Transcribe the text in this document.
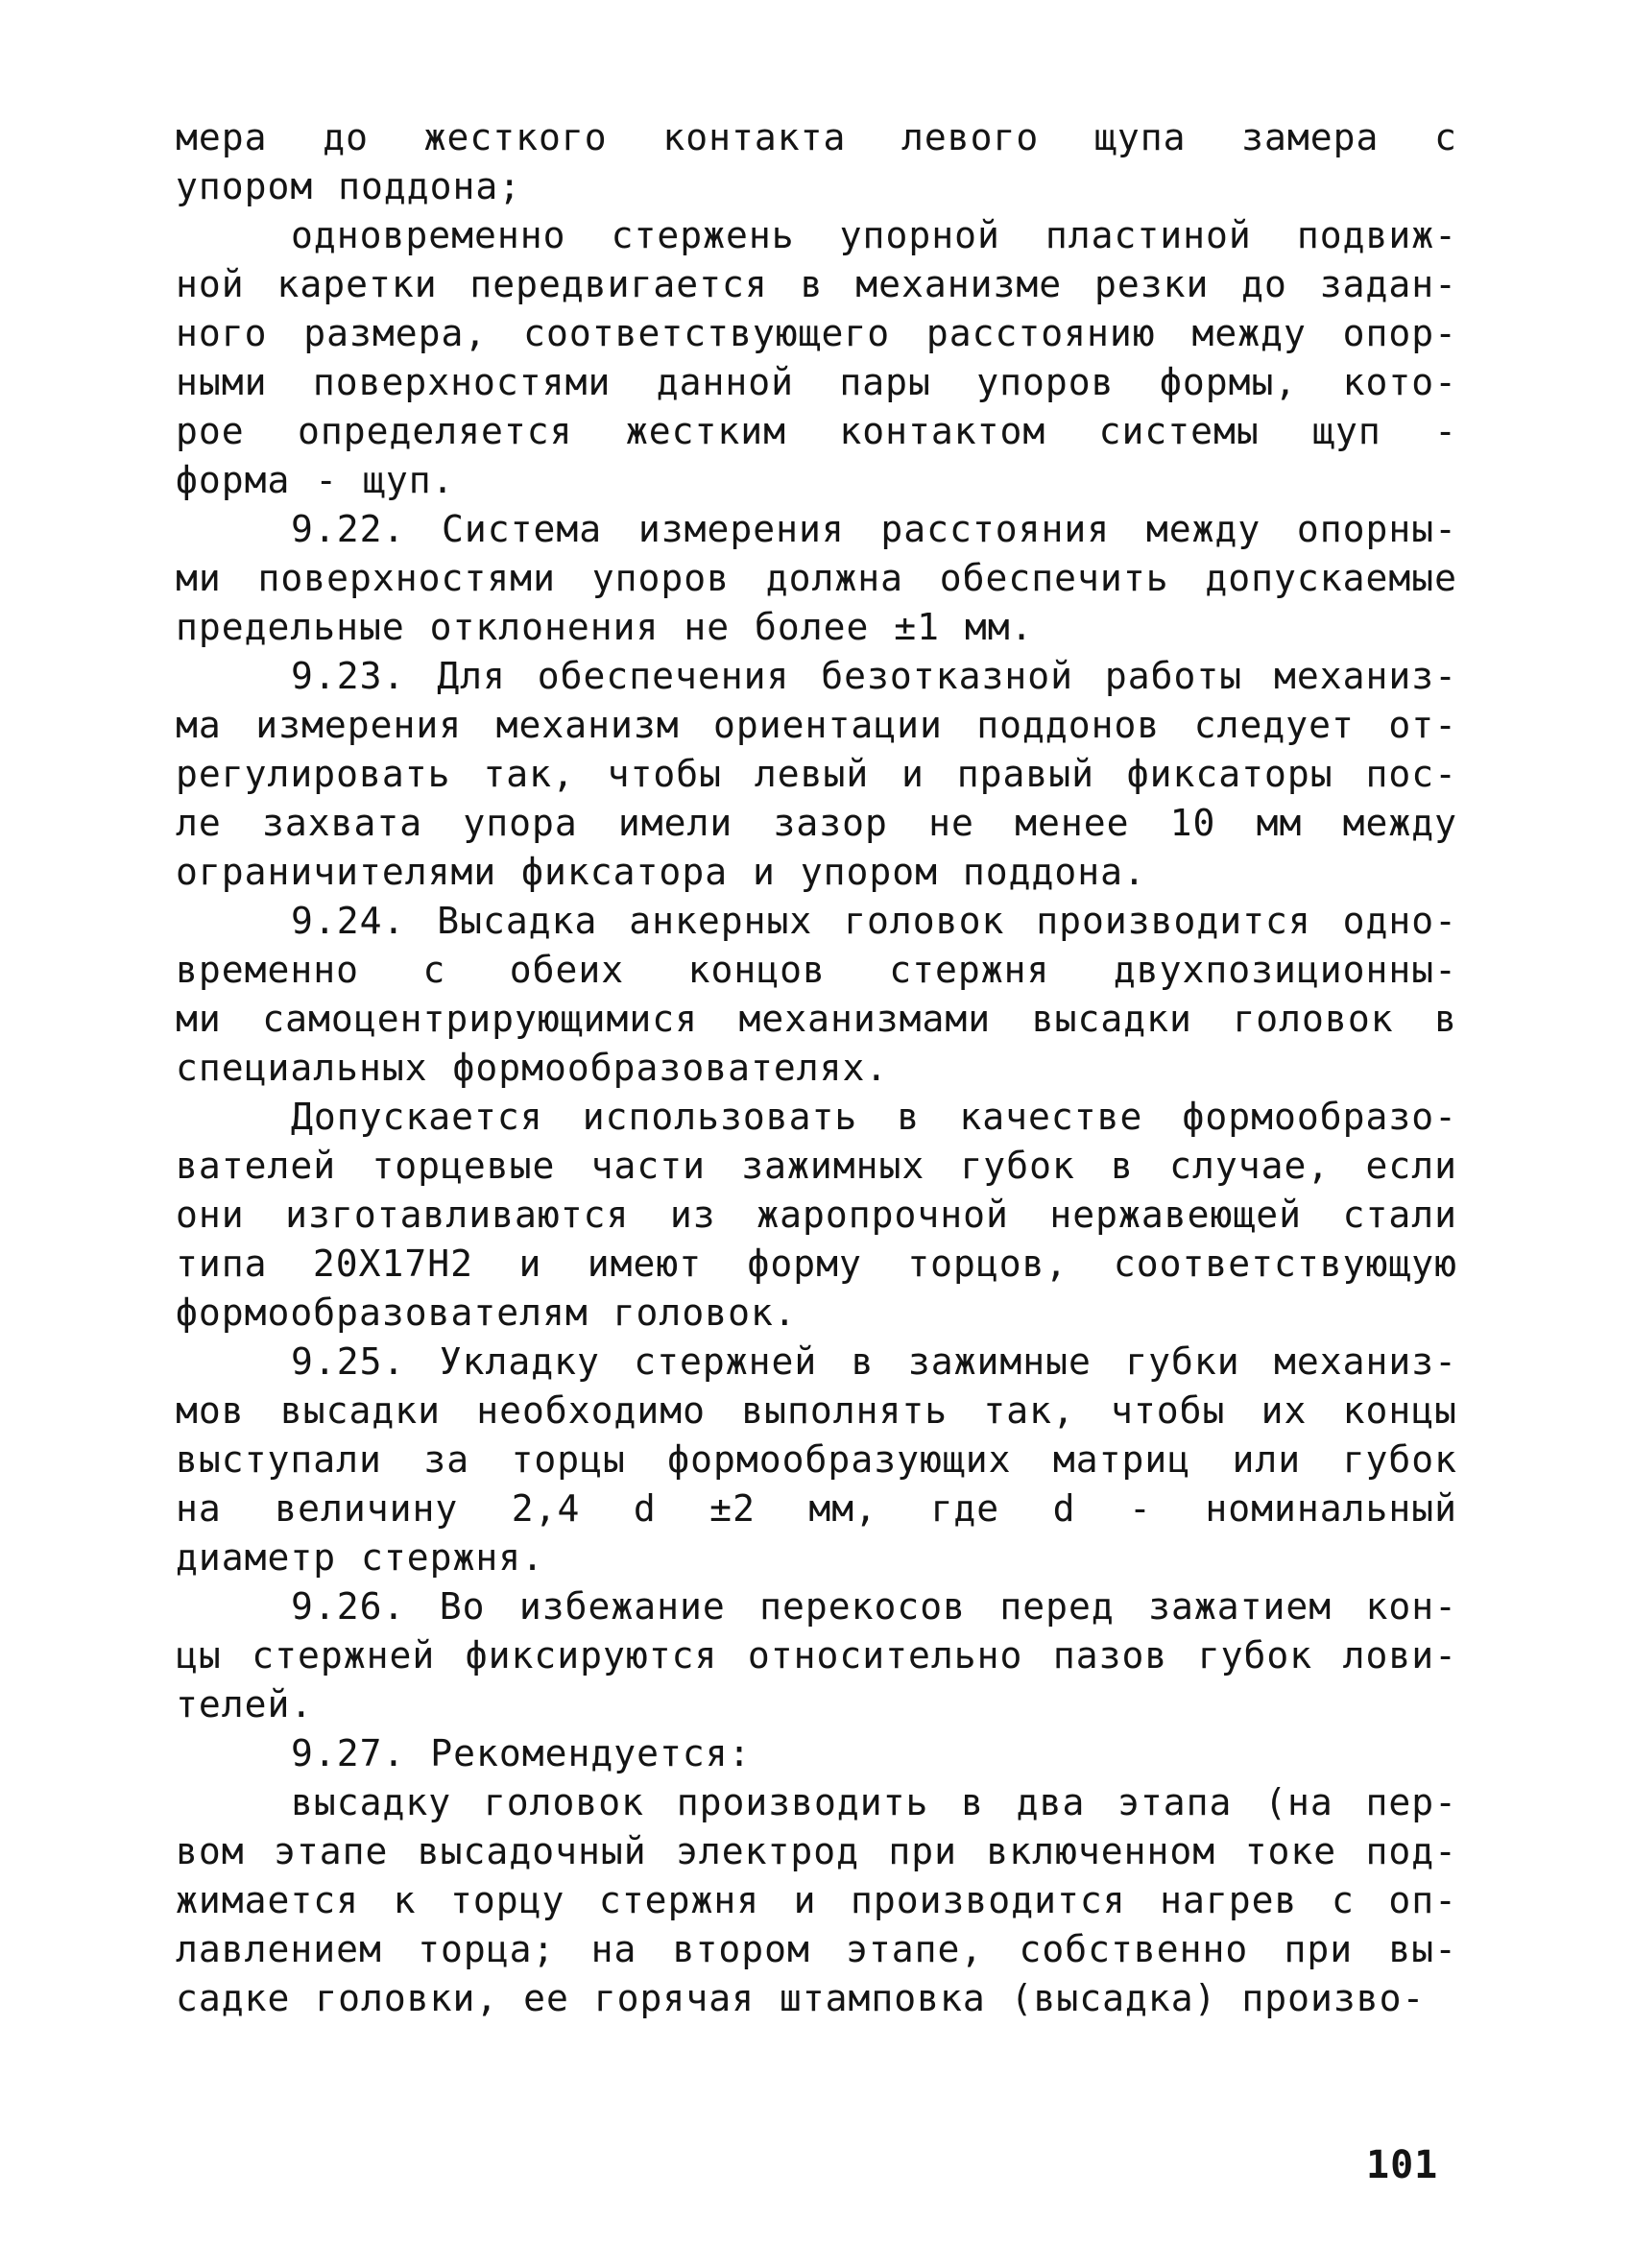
мера до жесткого контакта левого щупа замера с
упором поддона;
одновременно стержень упорной пластиной подвиж-
ной каретки передвигается в механизме резки до задан-
ного размера, соответствующего расстоянию между опор-
ными поверхностями данной пары упоров формы, кото-
рое определяется жестким контактом системы щуп -
форма - щуп.
9.22. Система измерения расстояния между опорны-
ми поверхностями упоров должна обеспечить допускаемые
предельные отклонения не более ±1 мм.
9.23. Для обеспечения безотказной работы механиз-
ма измерения механизм ориентации поддонов следует от-
регулировать так, чтобы левый и правый фиксаторы пос-
ле захвата упора имели зазор не менее 10 мм между
ограничителями фиксатора и упором поддона.
9.24. Высадка анкерных головок производится одно-
временно с обеих концов стержня двухпозиционны-
ми самоцентрирующимися механизмами высадки головок в
специальных формообразователях.
Допускается использовать в качестве формообразо-
вателей торцевые части зажимных губок в случае, если
они изготавливаются из жаропрочной нержавеющей стали
типа 20Х17Н2 и имеют форму торцов, соответствующую
формообразователям головок.
9.25. Укладку стержней в зажимные губки механиз-
мов высадки необходимо выполнять так, чтобы их концы
выступали за торцы формообразующих матриц или губок
на величину 2,4 d ±2 мм, где d - номинальный
диаметр стержня.
9.26. Во избежание перекосов перед зажатием кон-
цы стержней фиксируются относительно пазов губок лови-
телей.
9.27. Рекомендуется:
высадку головок производить в два этапа (на пер-
вом этапе высадочный электрод при включенном токе под-
жимается к торцу стержня и производится нагрев с оп-
лавлением торца; на втором этапе, собственно при вы-
садке головки, ее горячая штамповка (высадка) произво-
101
